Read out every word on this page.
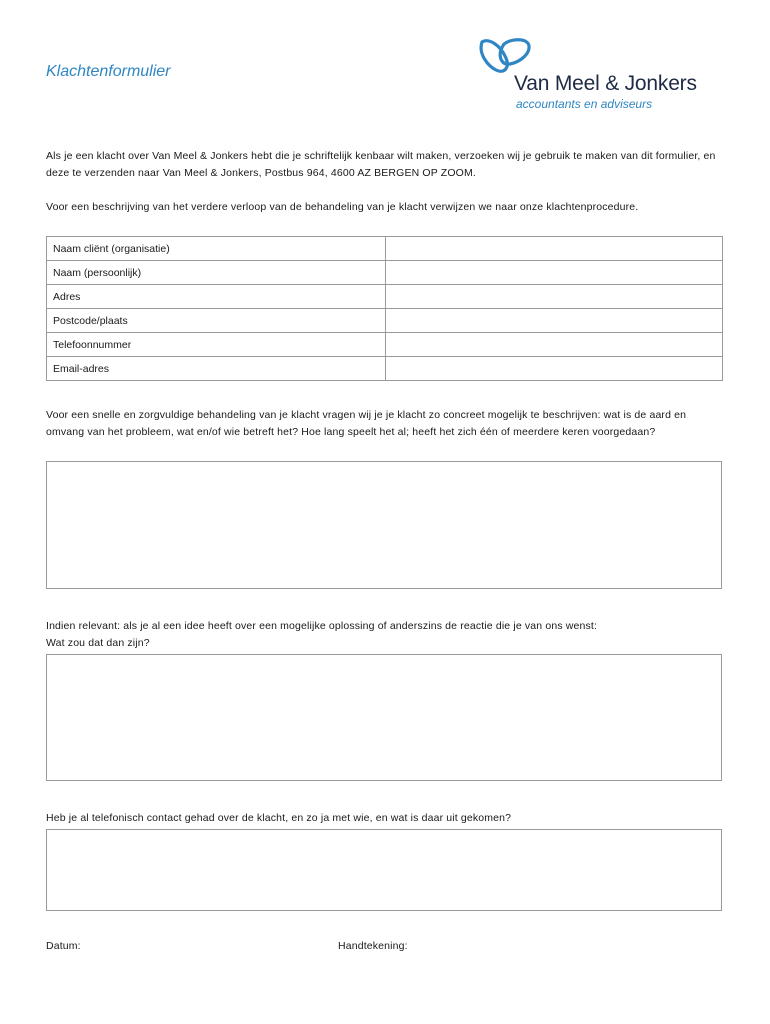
Klachtenformulier
Van Meel & Jonkers
accountants en adviseurs

Als je een klacht over Van Meel & Jonkers hebt die je schriftelijk kenbaar wilt maken, verzoeken wij je gebruik te maken van dit formulier, en deze te verzenden naar Van Meel & Jonkers, Postbus 964, 4600 AZ BERGEN OP ZOOM.

Voor een beschrijving van het verdere verloop van de behandeling van je klacht verwijzen we naar onze klachtenprocedure.

Naam cliënt (organisatie)	
Naam (persoonlijk)	
Adres	
Postcode/plaats	
Telefoonnummer	
Email-adres	

Voor een snelle en zorgvuldige behandeling van je klacht vragen wij je je klacht zo concreet mogelijk te beschrijven: wat is de aard en omvang van het probleem, wat en/of wie betreft het? Hoe lang speelt het al; heeft het zich één of meerdere keren voorgedaan?

Indien relevant: als je al een idee heeft over een mogelijke oplossing of anderszins de reactie die je van ons wenst:

Wat zou dat dan zijn?

Heb je al telefonisch contact gehad over de klacht, en zo ja met wie, en wat is daar uit gekomen?

Datum:	Handtekening:
